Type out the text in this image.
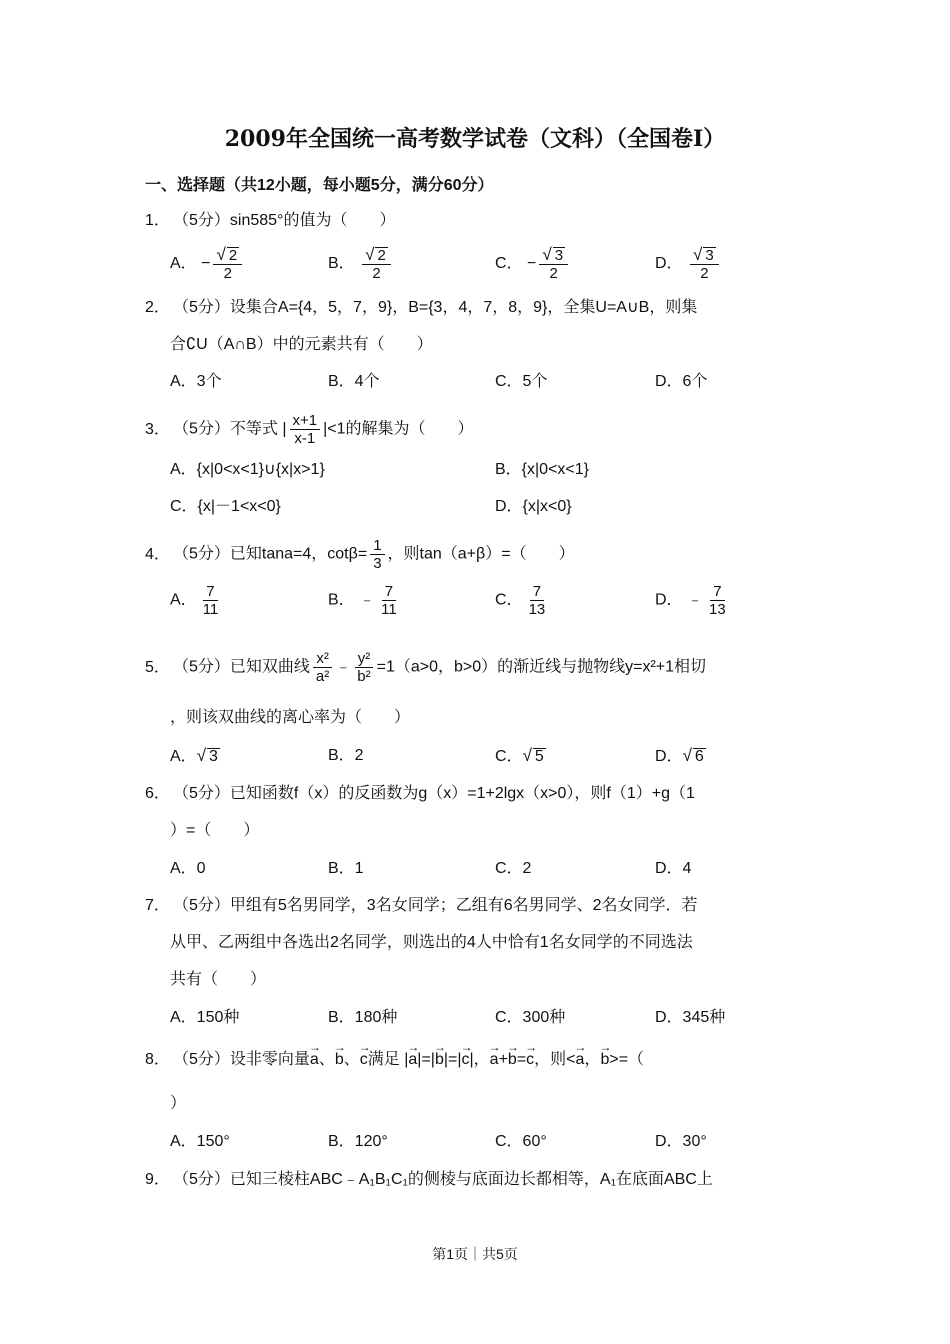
2009年全国统一高考数学试卷（文科）（全国卷Ⅰ）
一、选择题（共12小题，每小题5分，满分60分）
1． （5分）sin585°的值为（　　）
A． − $\frac{√ 2}{2}$	B． $\frac{√ 2}{2}$	C． − $\frac{√ 3}{2}$	D． $\frac{√ 3}{2}$
2． （5分）设集合A={4，5，7，9}，B={3，4，7，8，9}，全集U=A∪B，则集
合∁U（A∩B）中的元素共有（　　）
A．3个	B．4个	C．5个	D．6个
3． （5分）不等式 | $\frac{x+1}{x-1} |<1$的解集为（　　）
A．{x|0<x<1}∪{x|x>1}	B．{x|0<x<1}
C．{x|－1<x<0}	D．{x|x<0}
4． （5分）已知tana=4，$\cot\beta= \frac{1}{3}$ ，则tan（a+β）=（　　）
A． $\frac{7}{11}$	B． ﹣ $\frac{7}{11}$	C． $\frac{7}{13}$	D． ﹣ $\frac{7}{13}$
5． （5分）已知双曲线 $\frac{\text{x²}}{\text{a²}}$ ﹣ $\frac{\text{y²}}{\text{b²}} =1(a>0$，b>0）的渐近线与抛物线y=x²+1相切
，则该双曲线的离心率为（　　）
A．√ 3	B．2	C．√ 5	D．√ 6
6． （5分）已知函数f（x）的反函数为g（x）=1+2lgx（x>0），则f（1）+g（1
）=（　　）
A．0	B．1	C．2	D．4
7． （5分）甲组有5名男同学，3名女同学；乙组有6名男同学、2名女同学．若
从甲、乙两组中各选出2名同学，则选出的4人中恰有1名女同学的不同选法
共有（　　）
A．150种	B．180种	C．300种	D．345种
8． （5分）设非零向量→ a、→ b、→ c满足 |→ a|=|→ b|=|→ c|，→ a+→ b=→ c，则<→ a，→ b>=（
）
A．150°	B．120°	C．60°	D．30°
9． （5分）已知三棱柱ABC﹣A₁B₁C₁的侧棱与底面边长都相等，A₁在底面ABC上
第1页｜共5页
